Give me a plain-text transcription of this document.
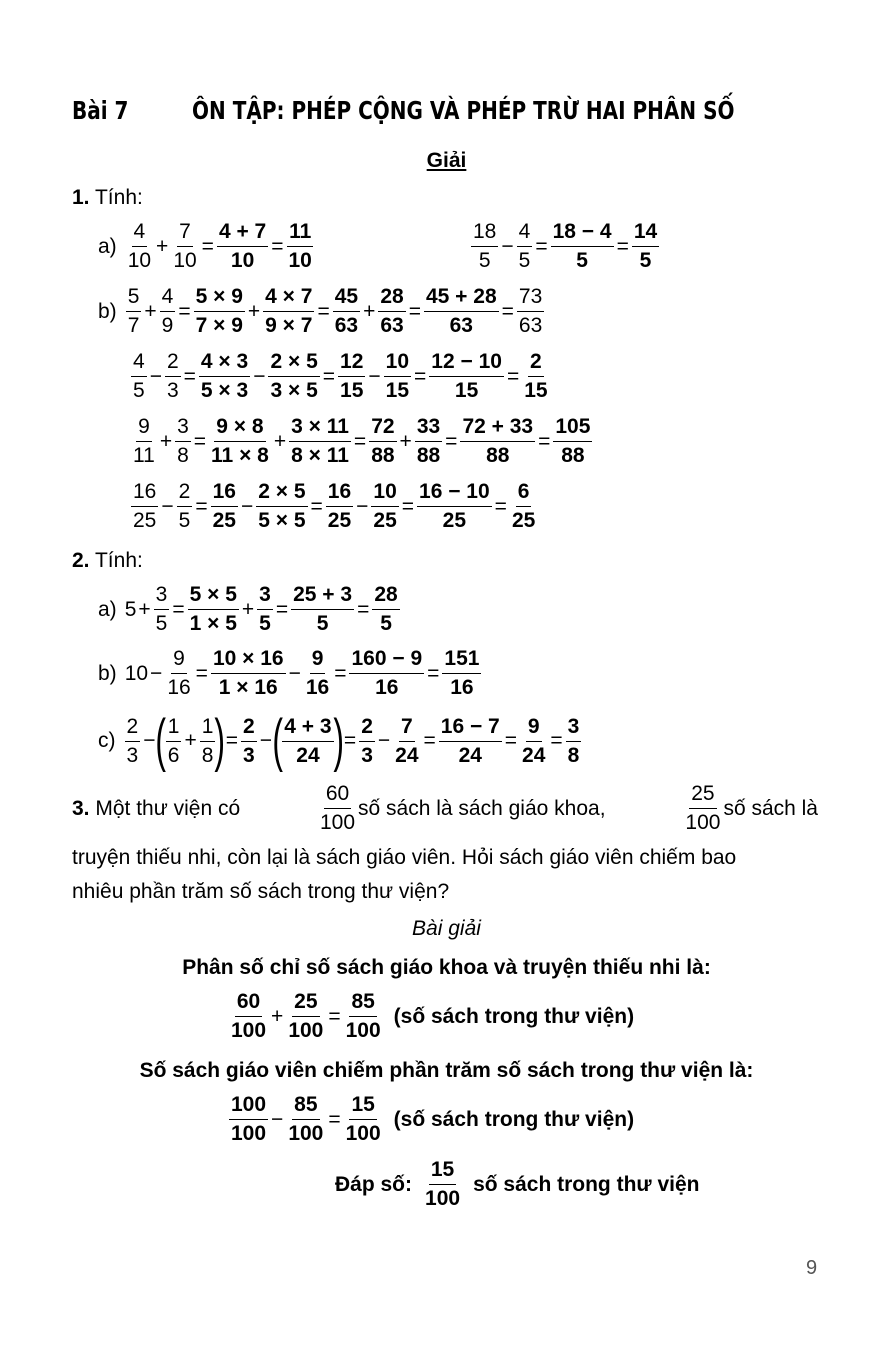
Bài 7	ÔN TẬP: PHÉP CỘNG VÀ PHÉP TRỪ HAI PHÂN SỐ
Giải
1. Tính:
$a) \frac{4}{10} + \frac{7}{10} = \frac{4 + 7}{10} = \frac{11}{10}$	$\frac{18}{5} - \frac{4}{5} = \frac{18 - 4}{5} = \frac{14}{5}$
$b) \frac{5}{7} + \frac{4}{9} = \frac{5 \times 9}{7 \times 9} + \frac{4 \times 7}{9 \times 7} = \frac{45}{63} + \frac{28}{63} = \frac{45 + 28}{63} = \frac{73}{63}$
$\frac{4}{5} - \frac{2}{3} = \frac{4 \times 3}{5 \times 3} - \frac{2 \times 5}{3 \times 5} = \frac{12}{15} - \frac{10}{15} = \frac{12 - 10}{15} = \frac{2}{15}$
$\frac{9}{11} + \frac{3}{8} = \frac{9 \times 8}{11 \times 8} + \frac{3 \times 11}{8 \times 11} = \frac{72}{88} + \frac{33}{88} = \frac{72 + 33}{88} = \frac{105}{88}$
$\frac{16}{25} - \frac{2}{5} = \frac{16}{25} - \frac{2 \times 5}{5 \times 5} = \frac{16}{25} - \frac{10}{25} = \frac{16 - 10}{25} = \frac{6}{25}$
2. Tính:
a) $5 + \frac{3}{5} = \frac{5 \times 5}{1 \times 5} + \frac{3}{5} = \frac{25 + 3}{5} = \frac{28}{5}$
b) $10 - \frac{9}{16} = \frac{10 \times 16}{1 \times 16} - \frac{9}{16} = \frac{160 - 9}{16} = \frac{151}{16}$
$c) \frac{2}{3}$ − ( $\frac{1}{6} + \frac{1}{8}$ ) = $\frac{2}{3}$ − ( $\frac{4 + 3}{24}$ ) = $\frac{2}{3} - \frac{7}{24} = \frac{16 - 7}{24} = \frac{9}{24} = \frac{3}{8}$
3. Một thư viện có	$\frac{60}{100}$ số sách là sách giáo khoa,	$\frac{25}{100}$ số sách là
truyện thiếu nhi, còn lại là sách giáo viên. Hỏi sách giáo viên chiếm bao
nhiêu phần trăm số sách trong thư viện?
Bài giải
Phân số chỉ số sách giáo khoa và truyện thiếu nhi là:
$\frac{60}{100} + \frac{25}{100} = \frac{85}{100}$ (số sách trong thư viện)
Số sách giáo viên chiếm phần trăm số sách trong thư viện là:
$\frac{100}{100} - \frac{85}{100} = \frac{15}{100}$ (số sách trong thư viện)
Đáp số: $\frac{15}{100}$ số sách trong thư viện
9
